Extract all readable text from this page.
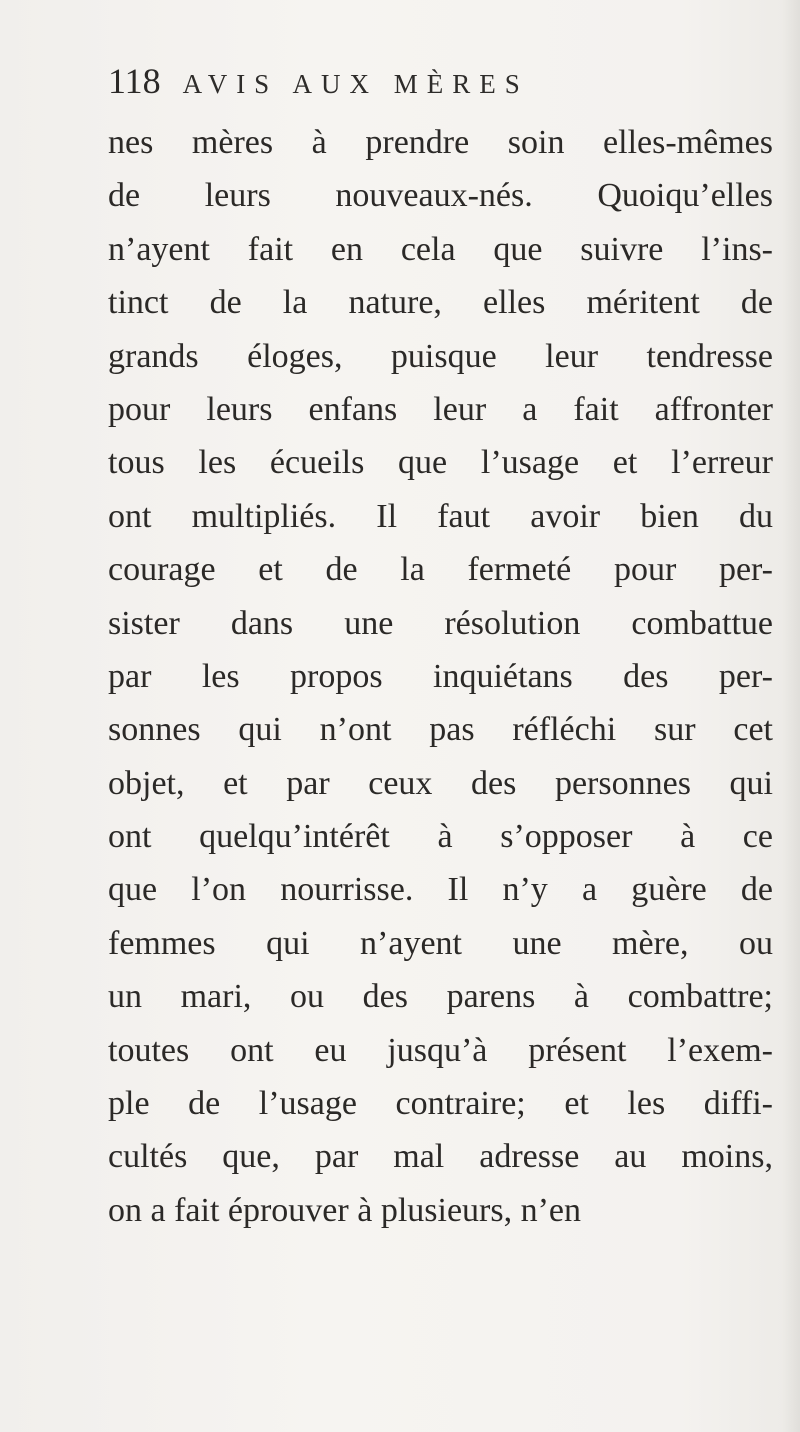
118 AVIS AUX MÈRES
nes mères à prendre soin elles-mêmes
de leurs nouveaux-nés. Quoiqu’elles
n’ayent fait en cela que suivre l’ins-
tinct de la nature, elles méritent de
grands éloges, puisque leur tendresse
pour leurs enfans leur a fait affronter
tous les écueils que l’usage et l’erreur
ont multipliés. Il faut avoir bien du
courage et de la fermeté pour per-
sister dans une résolution combattue
par les propos inquiétans des per-
sonnes qui n’ont pas réfléchi sur cet
objet, et par ceux des personnes qui
ont quelqu’intérêt à s’opposer à ce
que l’on nourrisse. Il n’y a guère de
femmes qui n’ayent une mère, ou
un mari, ou des parens à combattre;
toutes ont eu jusqu’à présent l’exem-
ple de l’usage contraire; et les diffi-
cultés que, par mal adresse au moins,
on a fait éprouver à plusieurs, n’en
